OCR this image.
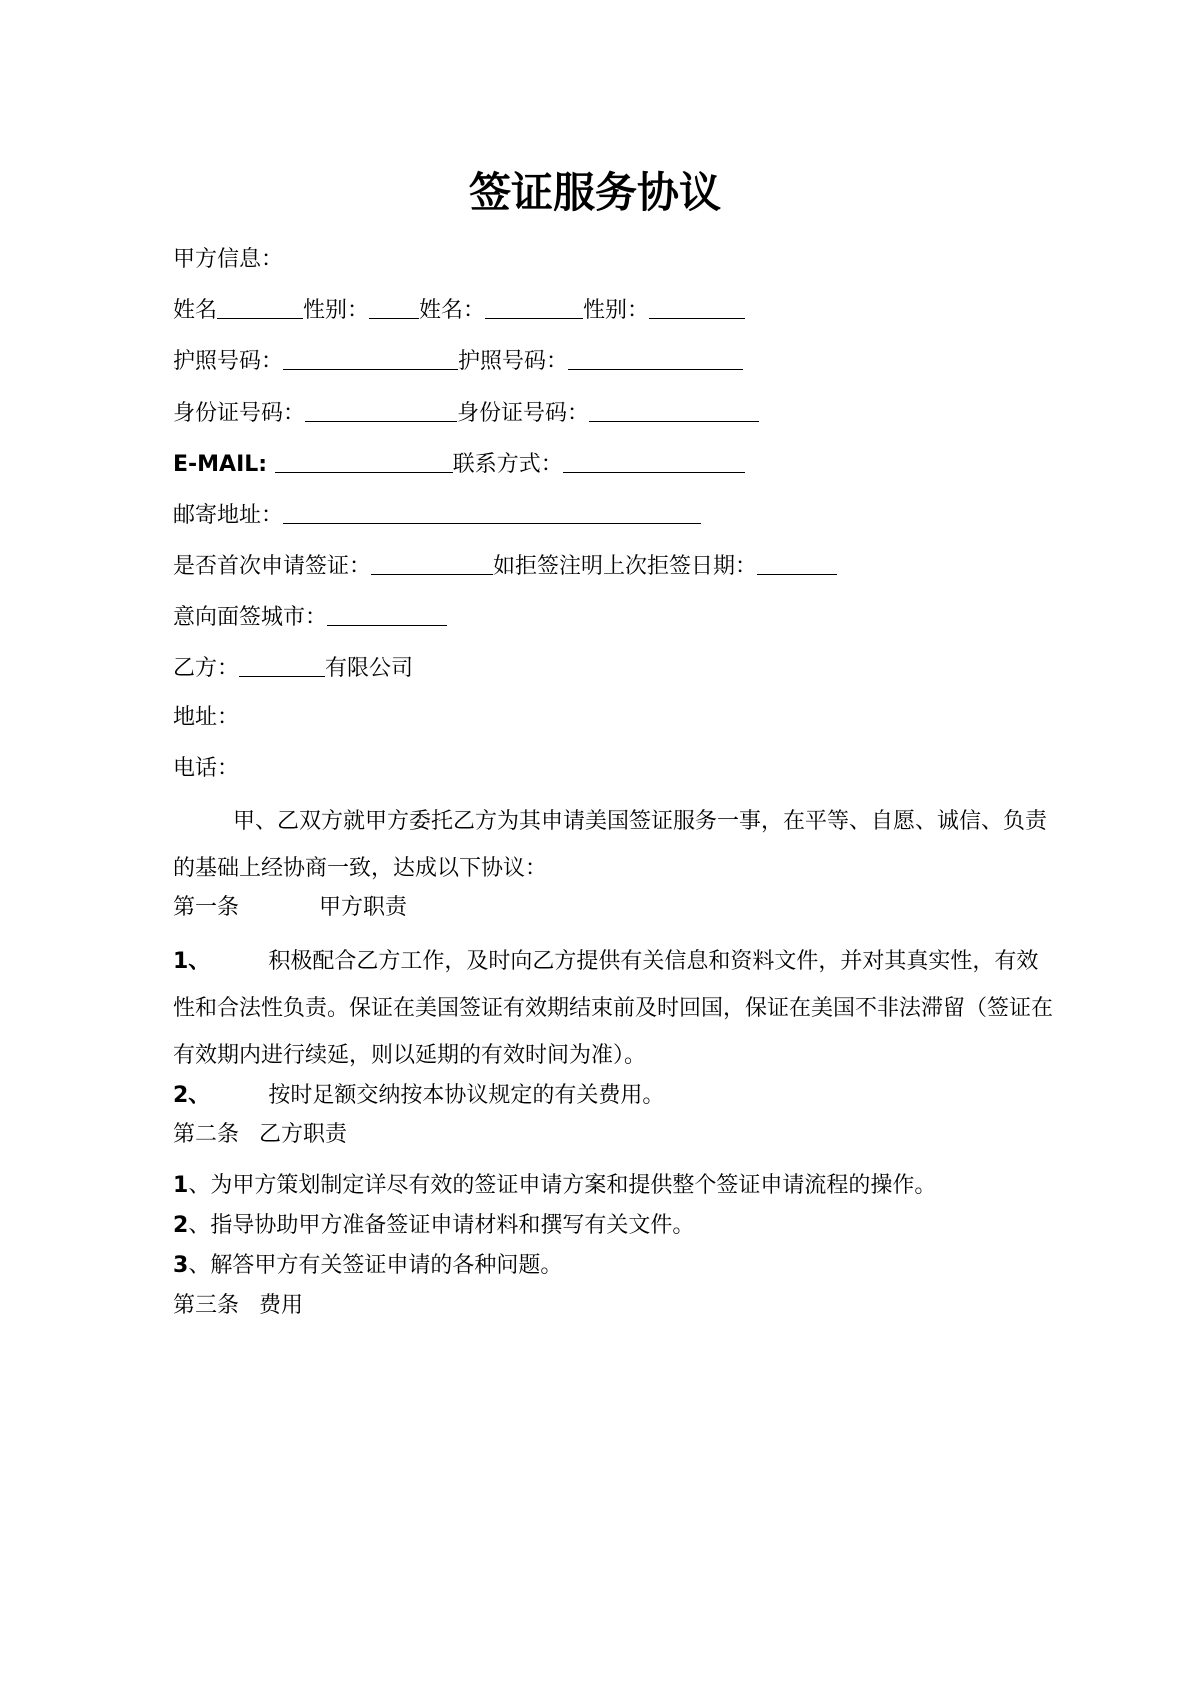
签证服务协议
甲方信息：
姓名	性别： 姓名：	性别：
护照号码：	护照号码：
身份证号码：	身份证号码：
E-MAIL:	联系方式：
邮寄地址：
是否首次申请签证：	如拒签注明上次拒签日期：
意向面签城市：
乙方：	有限公司
地址：
电话：
甲、乙双方就甲方委托乙方为其申请美国签证服务一事，在平等、自愿、诚信、负责的基础上经协商一致，达成以下协议：
第一条	甲方职责
1、	积极配合乙方工作，及时向乙方提供有关信息和资料文件，并对其真实性，有效性和合法性负责。保证在美国签证有效期结束前及时回国，保证在美国不非法滞留（签证在有效期内进行续延，则以延期的有效时间为准）。
2、	按时足额交纳按本协议规定的有关费用。
第二条 乙方职责
1、为甲方策划制定详尽有效的签证申请方案和提供整个签证申请流程的操作。
2、指导协助甲方准备签证申请材料和撰写有关文件。
3、解答甲方有关签证申请的各种问题。
第三条 费用
